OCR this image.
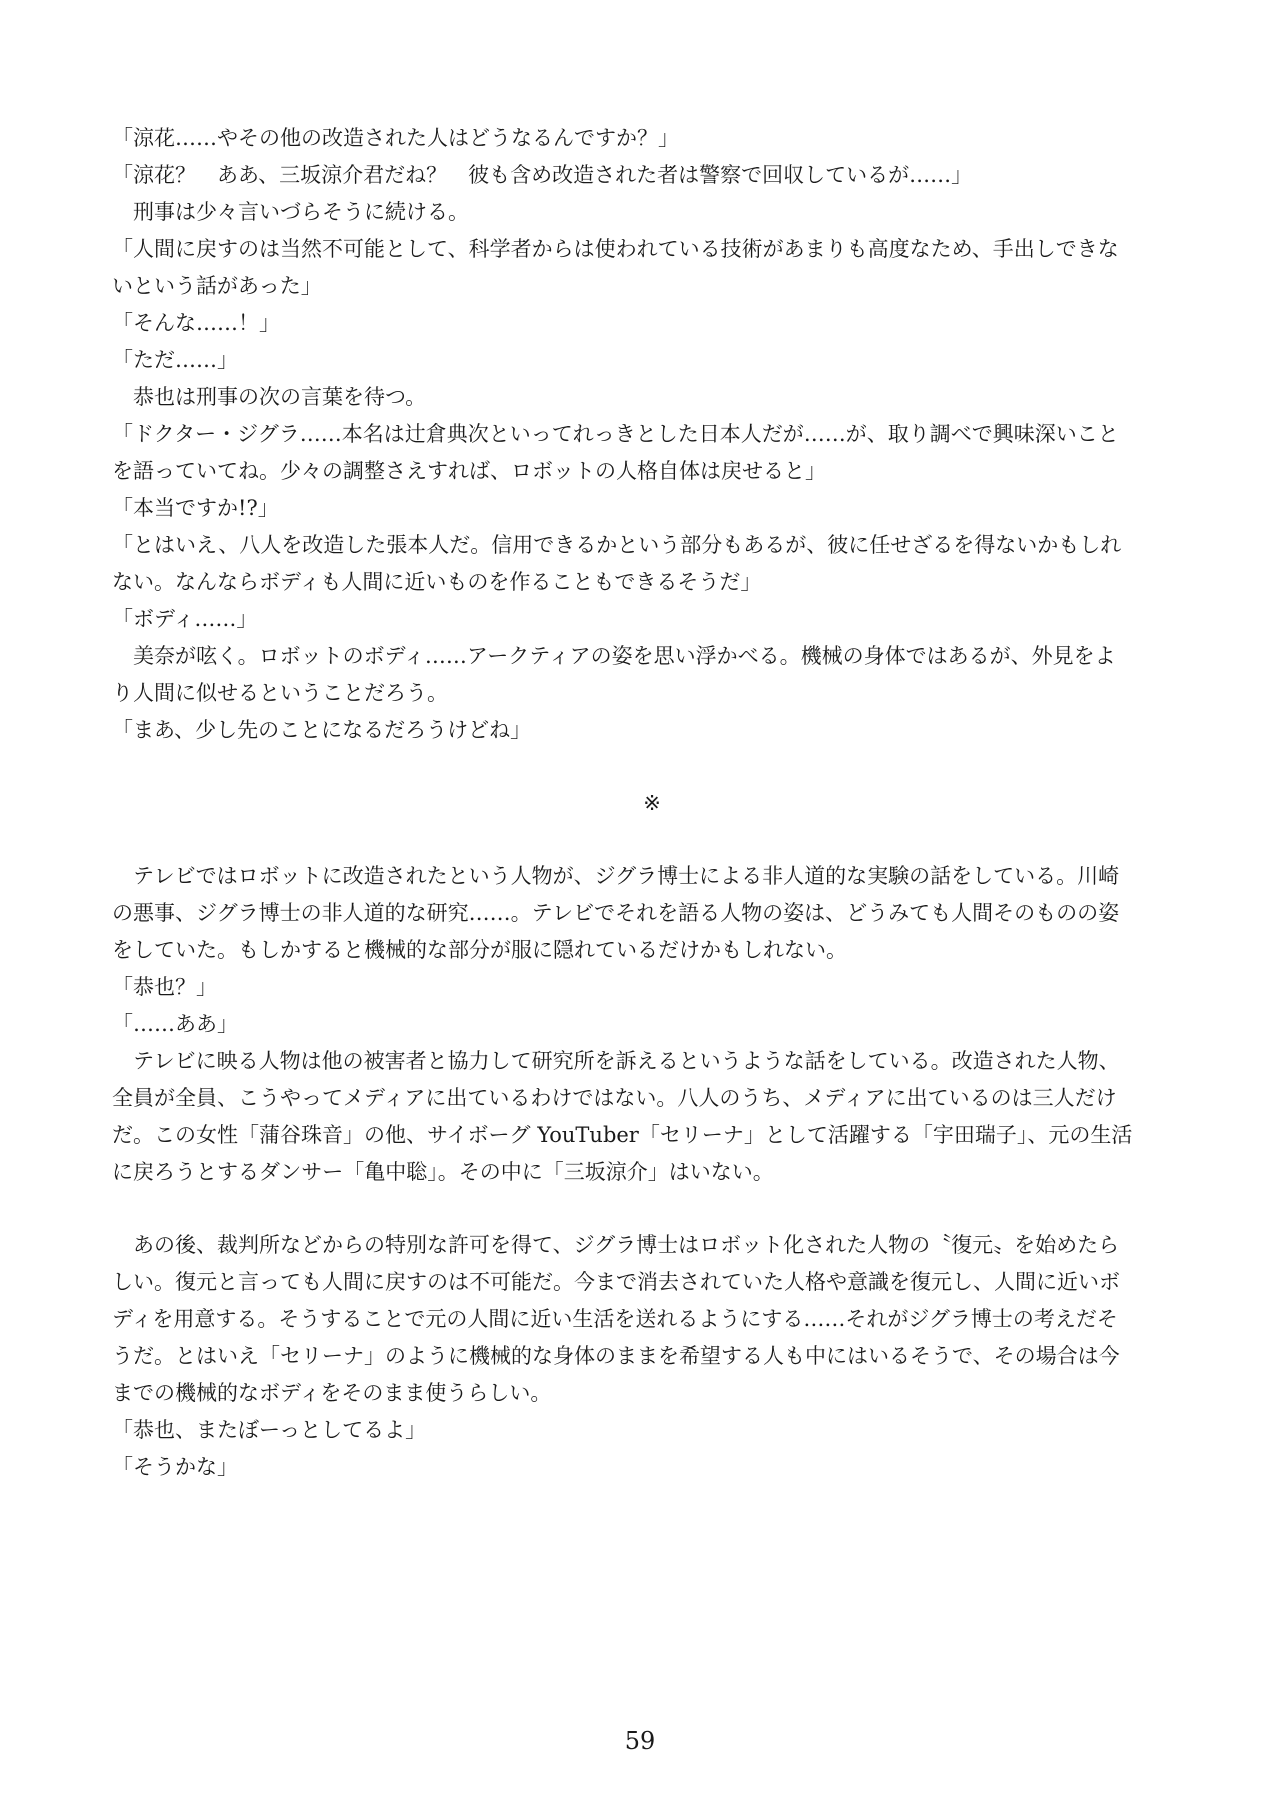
「涼花……やその他の改造された人はどうなるんですか？」

「涼花？　ああ、三坂涼介君だね？　彼も含め改造された者は警察で回収しているが……」

　刑事は少々言いづらそうに続ける。

「人間に戻すのは当然不可能として、科学者からは使われている技術があまりも高度なため、手出しできな

いという話があった」

「そんな……！」

「ただ……」

　恭也は刑事の次の言葉を待つ。

「ドクター・ジグラ……本名は辻倉典次といってれっきとした日本人だが……が、取り調べで興味深いこと

を語っていてね。少々の調整さえすれば、ロボットの人格自体は戻せると」

「本当ですか!?」

「とはいえ、八人を改造した張本人だ。信用できるかという部分もあるが、彼に任せざるを得ないかもしれ

ない。なんならボディも人間に近いものを作ることもできるそうだ」

「ボディ……」

　美奈が呟く。ロボットのボディ……アークティアの姿を思い浮かべる。機械の身体ではあるが、外見をよ

り人間に似せるということだろう。

「まあ、少し先のことになるだろうけどね」

※

　テレビではロボットに改造されたという人物が、ジグラ博士による非人道的な実験の話をしている。川崎

の悪事、ジグラ博士の非人道的な研究……。テレビでそれを語る人物の姿は、どうみても人間そのものの姿

をしていた。もしかすると機械的な部分が服に隠れているだけかもしれない。

「恭也？」

「……ああ」

　テレビに映る人物は他の被害者と協力して研究所を訴えるというような話をしている。改造された人物、

全員が全員、こうやってメディアに出ているわけではない。八人のうち、メディアに出ているのは三人だけ

だ。この女性「蒲谷珠音」の他、サイボーグ YouTuber「セリーナ」として活躍する「宇田瑞子」、元の生活

に戻ろうとするダンサー「亀中聡」。その中に「三坂涼介」はいない。

　あの後、裁判所などからの特別な許可を得て、ジグラ博士はロボット化された人物の〝復元〟を始めたら

しい。復元と言っても人間に戻すのは不可能だ。今まで消去されていた人格や意識を復元し、人間に近いボ

ディを用意する。そうすることで元の人間に近い生活を送れるようにする……それがジグラ博士の考えだそ

うだ。とはいえ「セリーナ」のように機械的な身体のままを希望する人も中にはいるそうで、その場合は今

までの機械的なボディをそのまま使うらしい。

「恭也、またぼーっとしてるよ」

「そうかな」

59
